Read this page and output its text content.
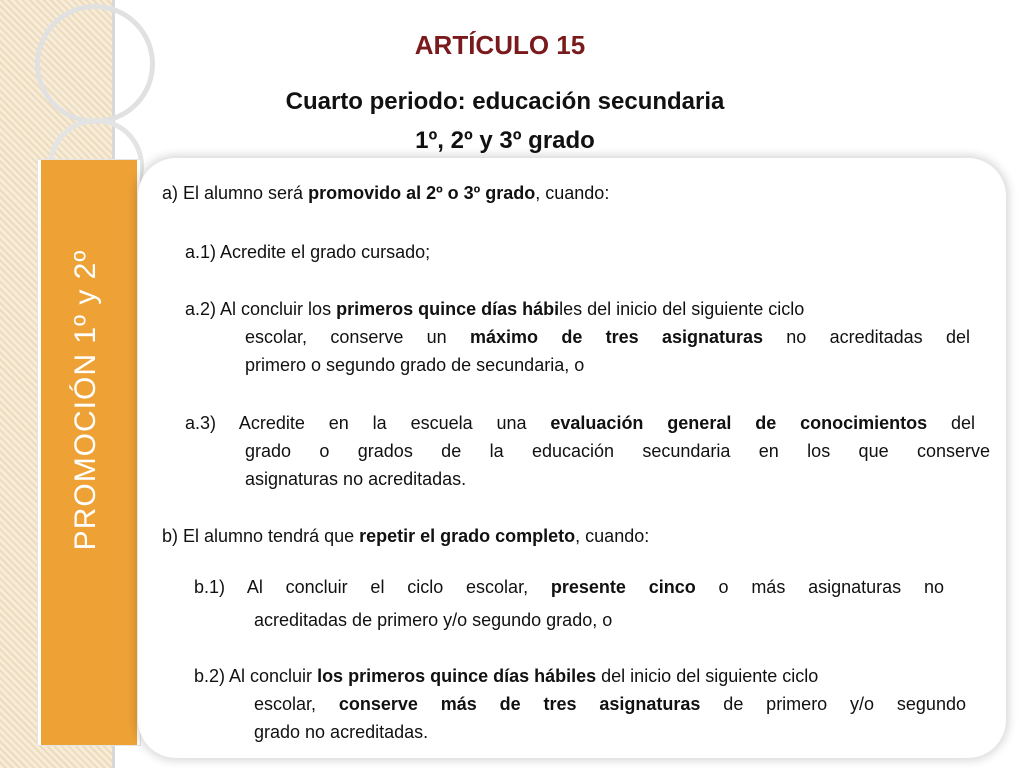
PROMOCIÓN 1º y 2º
ARTÍCULO 15
Cuarto periodo: educación secundaria
1º, 2º y 3º grado
a) El alumno será promovido al 2º o 3º grado, cuando:
a.1) Acredite el grado cursado;
a.2) Al concluir los primeros quince días hábiles del inicio del siguiente ciclo
escolar, conserve un máximo de tres asignaturas no acreditadas del
primero o segundo grado de secundaria, o
a.3) Acredite en la escuela una evaluación general de conocimientos del
grado o grados de la educación secundaria en los que conserve
asignaturas no acreditadas.
b) El alumno tendrá que repetir el grado completo, cuando:
b.1) Al concluir el ciclo escolar, presente cinco o más asignaturas no
acreditadas de primero y/o segundo grado, o
b.2) Al concluir los primeros quince días hábiles del inicio del siguiente ciclo
escolar, conserve más de tres asignaturas de primero y/o segundo
grado no acreditadas.
